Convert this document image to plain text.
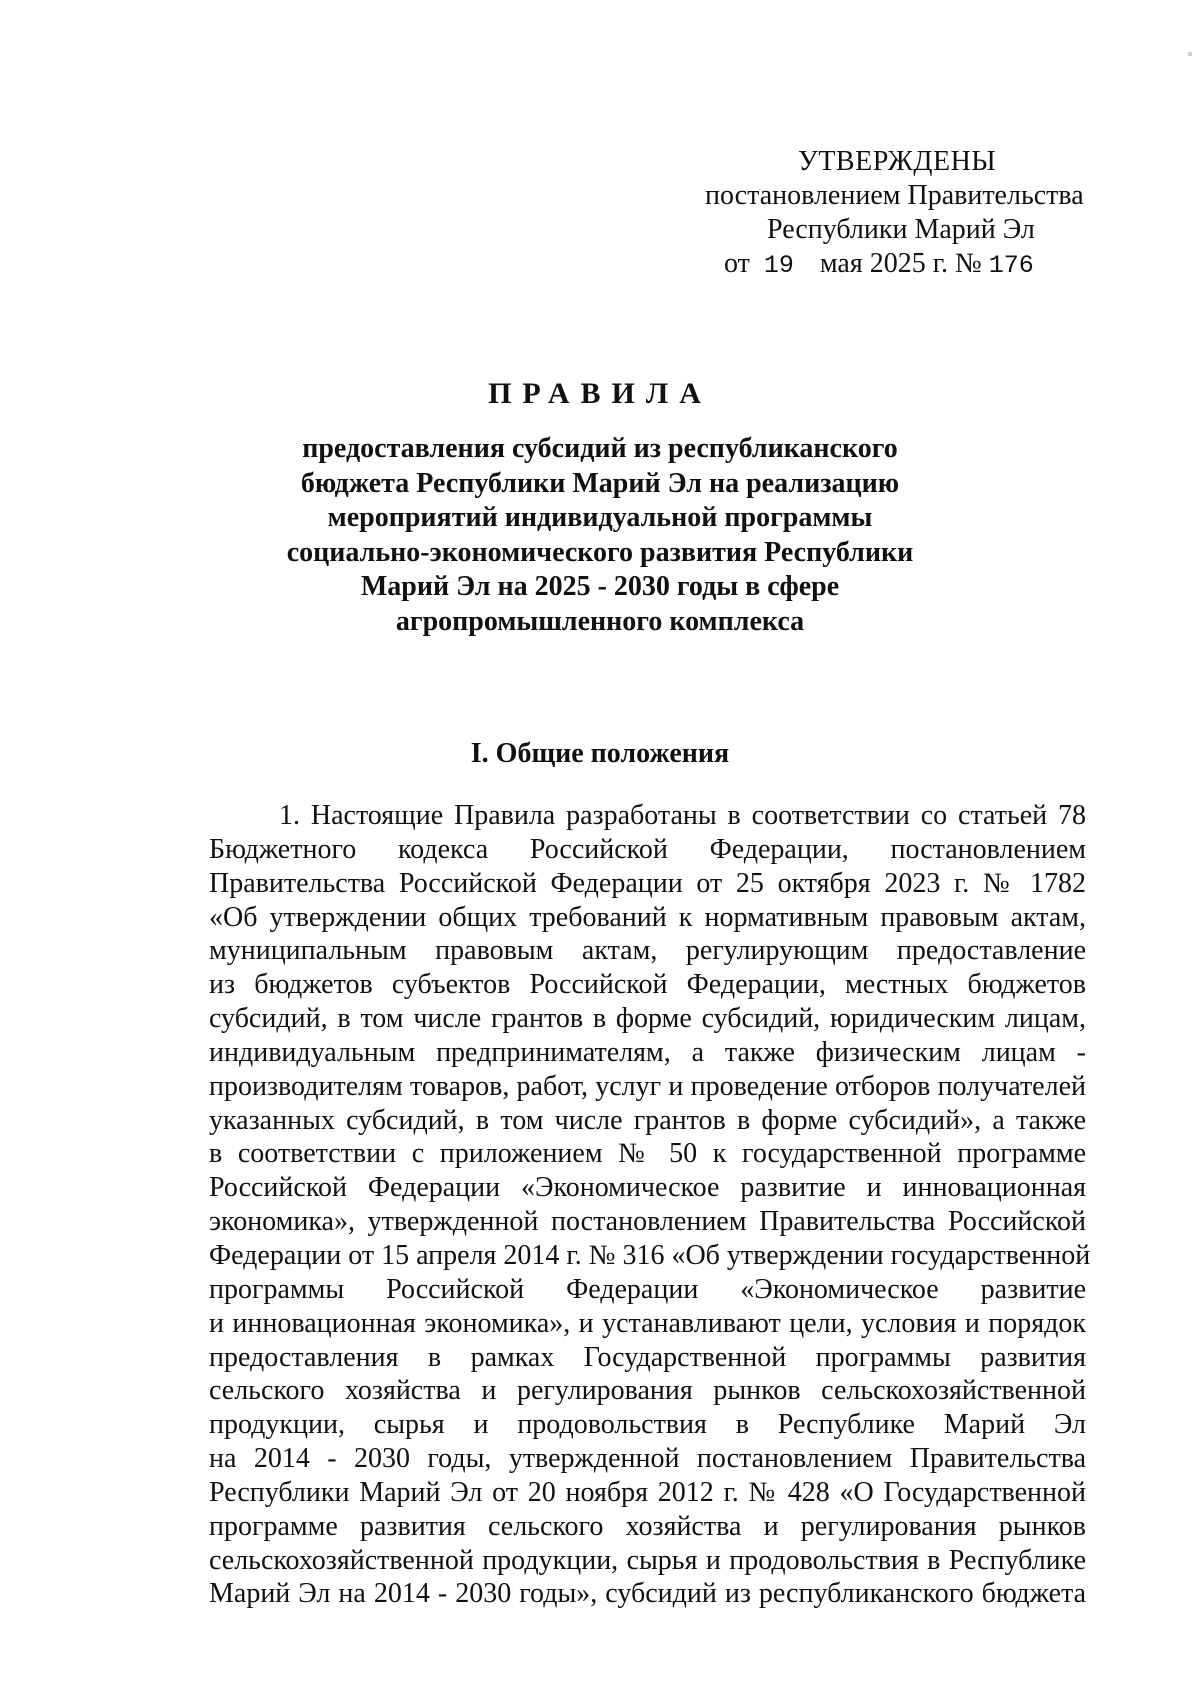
УТВЕРЖДЕНЫ
постановлением Правительства
Республики Марий Эл
от 19 мая 2025 г. № 176
ПРАВИЛА
предоставления субсидий из республиканского
бюджета Республики Марий Эл на реализацию
мероприятий индивидуальной программы
социально-экономического развития Республики
Марий Эл на 2025 - 2030 годы в сфере
агропромышленного комплекса
I. Общие положения
1. Настоящие Правила разработаны в соответствии со статьей 78
Бюджетного кодекса Российской Федерации, постановлением
Правительства Российской Федерации от 25 октября 2023 г. № 1782
«Об утверждении общих требований к нормативным правовым актам,
муниципальным правовым актам, регулирующим предоставление
из бюджетов субъектов Российской Федерации, местных бюджетов
субсидий, в том числе грантов в форме субсидий, юридическим лицам,
индивидуальным предпринимателям, а также физическим лицам -
производителям товаров, работ, услуг и проведение отборов получателей
указанных субсидий, в том числе грантов в форме субсидий», а также
в соответствии с приложением № 50 к государственной программе
Российской Федерации «Экономическое развитие и инновационная
экономика», утвержденной постановлением Правительства Российской
Федерации от 15 апреля 2014 г. № 316 «Об утверждении государственной
программы Российской Федерации «Экономическое развитие
и инновационная экономика», и устанавливают цели, условия и порядок
предоставления в рамках Государственной программы развития
сельского хозяйства и регулирования рынков сельскохозяйственной
продукции, сырья и продовольствия в Республике Марий Эл
на 2014 - 2030 годы, утвержденной постановлением Правительства
Республики Марий Эл от 20 ноября 2012 г. № 428 «О Государственной
программе развития сельского хозяйства и регулирования рынков
сельскохозяйственной продукции, сырья и продовольствия в Республике
Марий Эл на 2014 - 2030 годы», субсидий из республиканского бюджета
